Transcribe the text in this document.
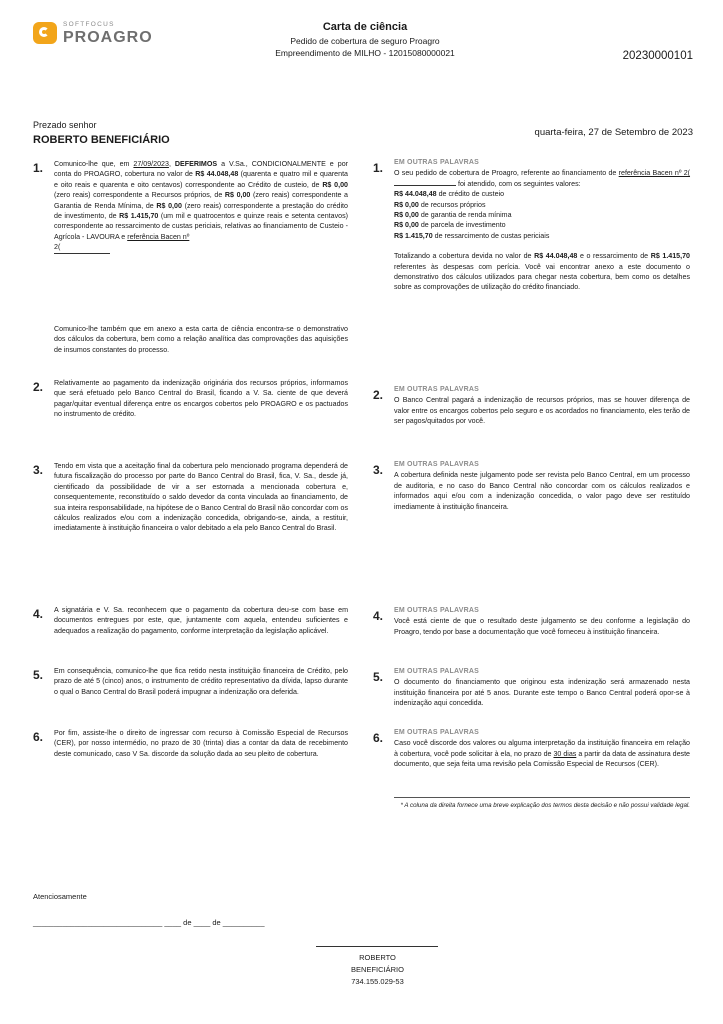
SOFTFOCUS
PROAGRO
Carta de ciência
Pedido de cobertura de seguro Proagro
Empreendimento de MILHO - 12015080000021	20230000101
Prezado senhor
ROBERTO BENEFICIÁRIO
quarta-feira, 27 de Setembro de 2023
1. Comunico-lhe que, em 27/09/2023, DEFERIMOS a V.Sa., CONDICIONALMENTE e por conta do PROAGRO, cobertura no valor de R$ 44.048,48 (quarenta e quatro mil e quarenta e oito reais e quarenta e oito centavos) correspondente ao Crédito de custeio, de R$ 0,00 (zero reais) correspondente a Recursos próprios, de R$ 0,00 (zero reais) correspondente a Garantia de Renda Mínima, de R$ 0,00 (zero reais) correspondente a prestação do crédito de investimento, de R$ 1.415,70 (um mil e quatrocentos e quinze reais e setenta centavos) correspondente ao ressarcimento de custas periciais, relativas ao financiamento de Custeio - Agrícola - LAVOURA e referência Bacen nº
2(
Comunico-lhe também que em anexo a esta carta de ciência encontra-se o demonstrativo dos cálculos da cobertura, bem como a relação analítica das comprovações das aquisições de insumos constantes do processo.
2. Relativamente ao pagamento da indenização originária dos recursos próprios, informamos que será efetuado pelo Banco Central do Brasil, ficando a V. Sa. ciente de que deverá pagar/quitar eventual diferença entre os encargos cobertos pelo PROAGRO e os pactuados no instrumento de crédito.
3. Tendo em vista que a aceitação final da cobertura pelo mencionado programa dependerá de futura fiscalização do processo por parte do Banco Central do Brasil, fica, V. Sa., desde já, cientificado da possibilidade de vir a ser estornada a mencionada cobertura e, consequentemente, reconstituído o saldo devedor da conta vinculada ao financiamento, de sua inteira responsabilidade, na hipótese de o Banco Central do Brasil não concordar com os cálculos realizados e/ou com a indenização concedida, obrigando-se, ainda, a restituir, imediatamente à instituição financeira o valor debitado a ela pelo Banco Central do Brasil.
4. A signatária e V. Sa. reconhecem que o pagamento da cobertura deu-se com base em documentos entregues por este, que, juntamente com aquela, entendeu suficientes e adequados a realização do pagamento, conforme interpretação da legislação aplicável.
5. Em consequência, comunico-lhe que fica retido nesta instituição financeira de Crédito, pelo prazo de até 5 (cinco) anos, o instrumento de crédito representativo da dívida, lapso durante o qual o Banco Central do Brasil poderá impugnar a indenização ora deferida.
6. Por fim, assiste-lhe o direito de ingressar com recurso à Comissão Especial de Recursos (CER), por nosso intermédio, no prazo de 30 (trinta) dias a contar da data de recebimento deste comunicado, caso V Sa. discorde da solução dada ao seu pleito de cobertura.
1. EM OUTRAS PALAVRAS
O seu pedido de cobertura de Proagro, referente ao financiamento de referência Bacen nº 2( foi atendido, com os seguintes valores:
R$ 44.048,48 de crédito de custeio
R$ 0,00 de recursos próprios
R$ 0,00 de garantia de renda mínima
R$ 0,00 de parcela de investimento
R$ 1.415,70 de ressarcimento de custas periciais
Totalizando a cobertura devida no valor de R$ 44.048,48 e o ressarcimento de R$ 1.415,70 referentes às despesas com perícia. Você vai encontrar anexo a este documento o demonstrativo dos cálculos utilizados para chegar nesta cobertura, bem como os detalhes sobre as comprovações de utilização do crédito financiado.
2. EM OUTRAS PALAVRAS
O Banco Central pagará a indenização de recursos próprios, mas se houver diferença de valor entre os encargos cobertos pelo seguro e os acordados no financiamento, eles terão de ser pagos/quitados por você.
3. EM OUTRAS PALAVRAS
A cobertura definida neste julgamento pode ser revista pelo Banco Central, em um processo de auditoria, e no caso do Banco Central não concordar com os cálculos realizados e informados aqui e/ou com a indenização concedida, o valor pago deve ser restituído imediamente à instituição financeira.
4. EM OUTRAS PALAVRAS
Você está ciente de que o resultado deste julgamento se deu conforme a legislação do Proagro, tendo por base a documentação que você forneceu à instituição financeira.
5. EM OUTRAS PALAVRAS
O documento do financiamento que originou esta indenização será armazenado nesta instituição financeira por até 5 anos. Durante este tempo o Banco Central poderá opor-se à indenização aqui concedida.
6. EM OUTRAS PALAVRAS
Caso você discorde dos valores ou alguma interpretação da instituição financeira em relação à cobertura, você pode solicitar à ela, no prazo de 30 dias a partir da data de assinatura deste documento, que seja feita uma revisão pela Comissão Especial de Recursos (CER).
* A coluna da direita fornece uma breve explicação dos termos desta decisão e não possui validade legal.
Atenciosamente
_______________________________ ____ de ____ de __________
ROBERTO
BENEFICIÁRIO
734.155.029-53
